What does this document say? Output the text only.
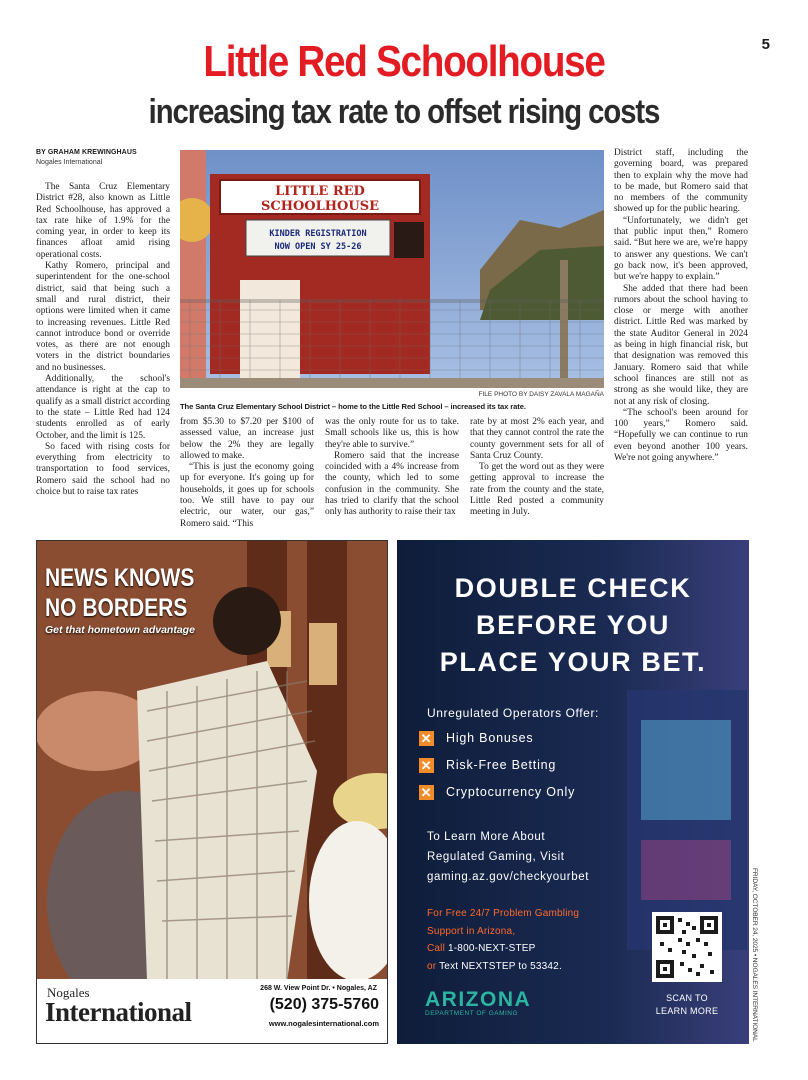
5
Little Red Schoolhouse
increasing tax rate to offset rising costs
BY GRAHAM KREWINGHAUS
Nogales International

The Santa Cruz Elementary District #28, also known as Little Red Schoolhouse, has approved a tax rate hike of 1.9% for the coming year, in order to keep its finances afloat amid rising operational costs.

Kathy Romero, principal and superintendent for the one-school district, said that being such a small and rural district, their options were limited when it came to increasing revenues. Little Red cannot introduce bond or override votes, as there are not enough voters in the district boundaries and no businesses.

Additionally, the school's attendance is right at the cap to qualify as a small district according to the state – Little Red had 124 students enrolled as of early October, and the limit is 125.

So faced with rising costs for everything from electricity to transportation to food services, Romero said the school had no choice but to raise tax rates

LITTLE RED
SCHOOLHOUSE
KINDER REGISTRATION
NOW OPEN SY 25-26
FILE PHOTO BY DAISY ZAVALA MAGAÑA
The Santa Cruz Elementary School District – home to the Little Red School – increased its tax rate.

from $5.30 to $7.20 per $100 of assessed value, an increase just below the 2% they are legally allowed to make.

“This is just the economy going up for everyone. It's going up for households, it goes up for schools too. We still have to pay our electric, our water, our gas,” Romero said. “This

was the only route for us to take. Small schools like us, this is how they're able to survive.”

Romero said that the increase coincided with a 4% increase from the county, which led to some confusion in the community. She has tried to clarify that the school only has authority to raise their tax

rate by at most 2% each year, and that they cannot control the rate the county government sets for all of Santa Cruz County.

To get the word out as they were getting approval to increase the rate from the county and the state, Little Red posted a community meeting in July.

District staff, including the governing board, was prepared then to explain why the move had to be made, but Romero said that no members of the community showed up for the public hearing.

“Unfortunately, we didn't get that public input then,” Romero said. “But here we are, we're happy to answer any questions. We can't go back now, it's been approved, but we're happy to explain.”

She added that there had been rumors about the school having to close or merge with another district. Little Red was marked by the state Auditor General in 2024 as being in high financial risk, but that designation was removed this January. Romero said that while school finances are still not as strong as she would like, they are not at any risk of closing.

“The school's been around for 100 years,” Romero said. “Hopefully we can continue to run even beyond another 100 years. We're not going anywhere.”

NEWS KNOWS
NO BORDERS
Get that hometown advantage
Nogales
International
268 W. View Point Dr. • Nogales, AZ
(520) 375-5760
www.nogalesinternational.com
DOUBLE CHECK
BEFORE YOU
PLACE YOUR BET.
Unregulated Operators Offer:
✕ High Bonuses
✕ Risk-Free Betting
✕ Cryptocurrency Only
To Learn More About
Regulated Gaming, Visit
gaming.az.gov/checkyourbet
For Free 24/7 Problem Gambling
Support in Arizona,
Call 1-800-NEXT-STEP
or Text NEXTSTEP to 53342.
SCAN TO
LEARN MORE
ARIZONA
DEPARTMENT OF GAMING	FRIDAY, OCTOBER 24, 2025 • NOGALES INTERNATIONAL
